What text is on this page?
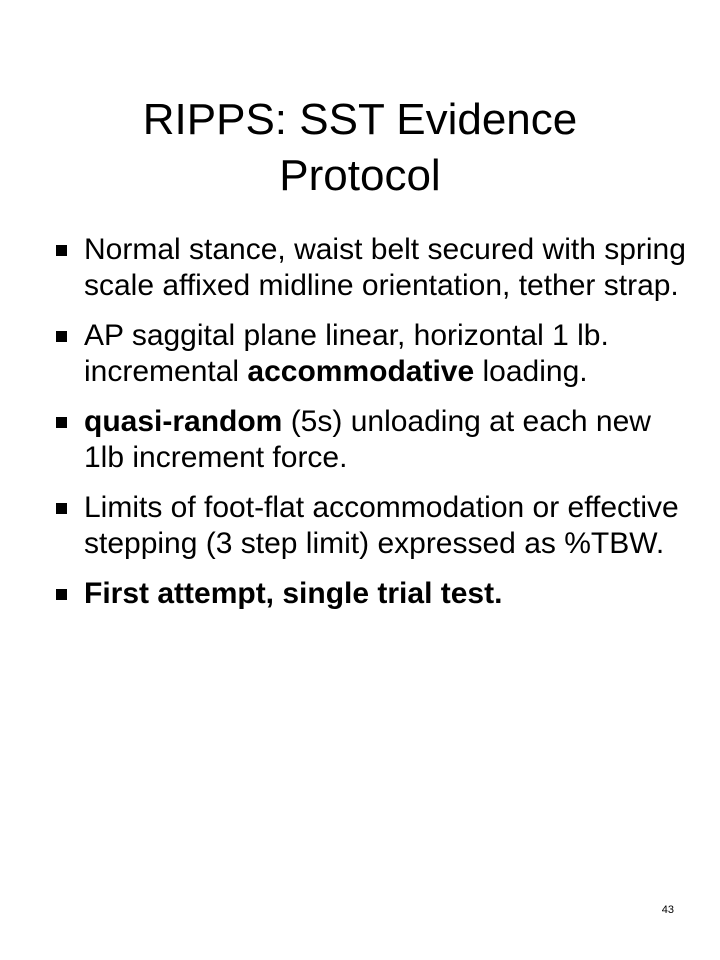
RIPPS: SST Evidence Protocol
Normal stance, waist belt secured with spring scale affixed midline orientation, tether strap.
AP saggital plane linear, horizontal 1 lb. incremental accommodative loading.
quasi-random (5s) unloading at each new 1lb increment force.
Limits of foot-flat accommodation or effective stepping (3 step limit) expressed as %TBW.
First attempt, single trial test.
43
